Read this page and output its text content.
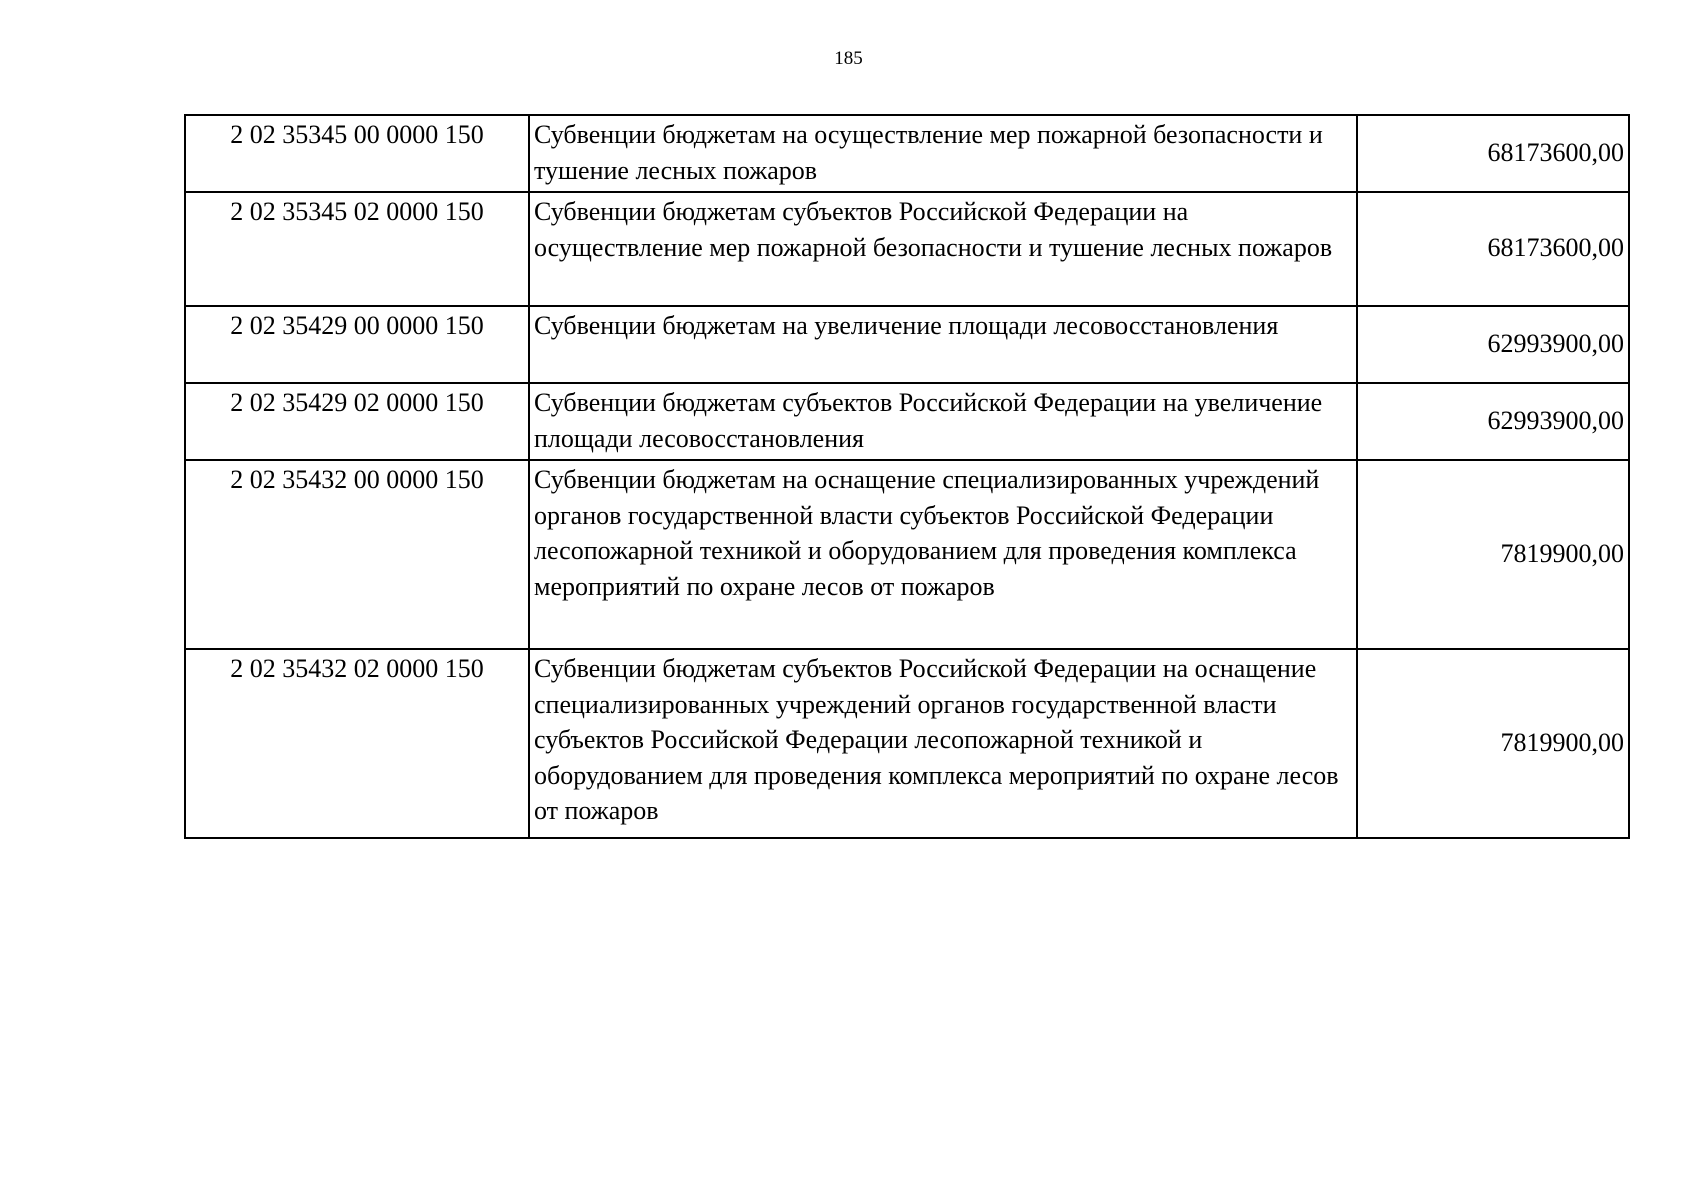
185
2 02 35345 00 0000 150	Субвенции бюджетам на осуществление мер пожарной безопасности и тушение лесных пожаров	68173600,00
2 02 35345 02 0000 150	Субвенции бюджетам субъектов Российской Федерации на осуществление мер пожарной безопасности и тушение лесных пожаров	68173600,00
2 02 35429 00 0000 150	Субвенции бюджетам на увеличение площади лесовосстановления	62993900,00
2 02 35429 02 0000 150	Субвенции бюджетам субъектов Российской Федерации на увеличение площади лесовосстановления	62993900,00
2 02 35432 00 0000 150	Субвенции бюджетам на оснащение специализированных учреждений органов государственной власти субъектов Российской Федерации лесопожарной техникой и оборудованием для проведения комплекса мероприятий по охране лесов от пожаров	7819900,00
2 02 35432 02 0000 150	Субвенции бюджетам субъектов Российской Федерации на оснащение специализированных учреждений органов государственной власти субъектов Российской Федерации лесопожарной техникой и оборудованием для проведения комплекса мероприятий по охране лесов от пожаров	7819900,00
